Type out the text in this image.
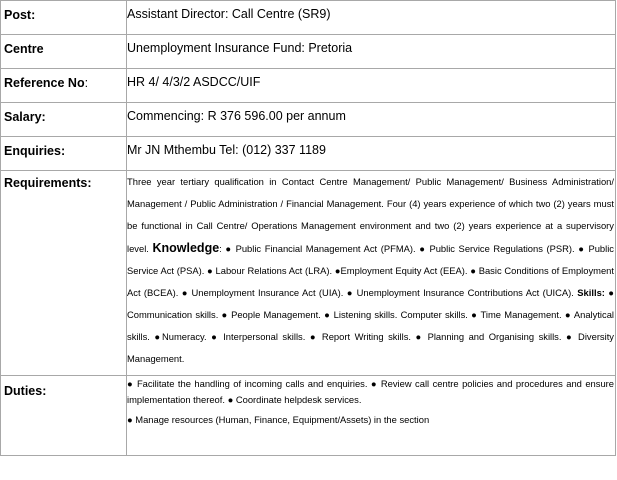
Post:	Assistant Director: Call Centre (SR9)
Centre	Unemployment Insurance Fund: Pretoria
Reference No:	HR 4/ 4/3/2 ASDCC/UIF
Salary:	Commencing: R 376 596.00 per annum
Enquiries:	Mr JN Mthembu Tel: (012) 337 1189
Requirements:	Three year tertiary qualification in Contact Centre Management/ Public Management/ Business Administration/ Management / Public Administration / Financial Management. Four (4) years experience of which two (2) years must be functional in Call Centre/ Operations Management environment and two (2) years experience at a supervisory level. Knowledge: ● Public Financial Management Act (PFMA). ● Public Service Regulations (PSR). ● Public Service Act (PSA). ● Labour Relations Act (LRA). ●Employment Equity Act (EEA). ● Basic Conditions of Employment Act (BCEA). ● Unemployment Insurance Act (UIA). ● Unemployment Insurance Contributions Act (UICA). Skills: ● Communication skills. ● People Management. ● Listening skills. Computer skills. ● Time Management. ● Analytical skills. ●Numeracy. ● Interpersonal skills. ● Report Writing skills. ● Planning and Organising skills. ● Diversity Management.
Duties:	● Facilitate the handling of incoming calls and enquiries. ● Review call centre policies and procedures and ensure implementation thereof. ● Coordinate helpdesk services.
● Manage resources (Human, Finance, Equipment/Assets) in the section
